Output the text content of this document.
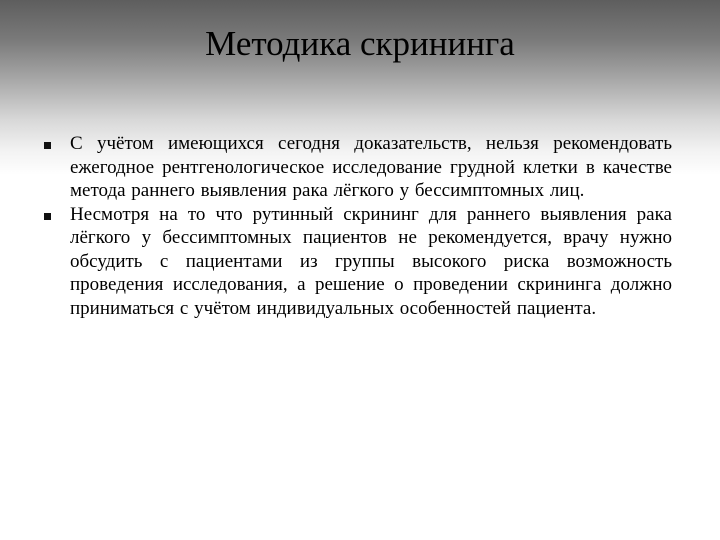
Методика скрининга
С учётом имеющихся сегодня доказательств, нельзя рекомендовать ежегодное рентгенологическое исследование грудной клетки в качестве метода раннего выявления рака лёгкого у бессимптомных лиц.
Несмотря на то что рутинный скрининг для раннего выявления рака лёгкого у бессимптомных пациентов не рекомендуется, врачу нужно обсудить с пациентами из группы высокого риска возможность проведения исследования, а решение о проведении скрининга должно приниматься с учётом индивидуальных особенностей пациента.
